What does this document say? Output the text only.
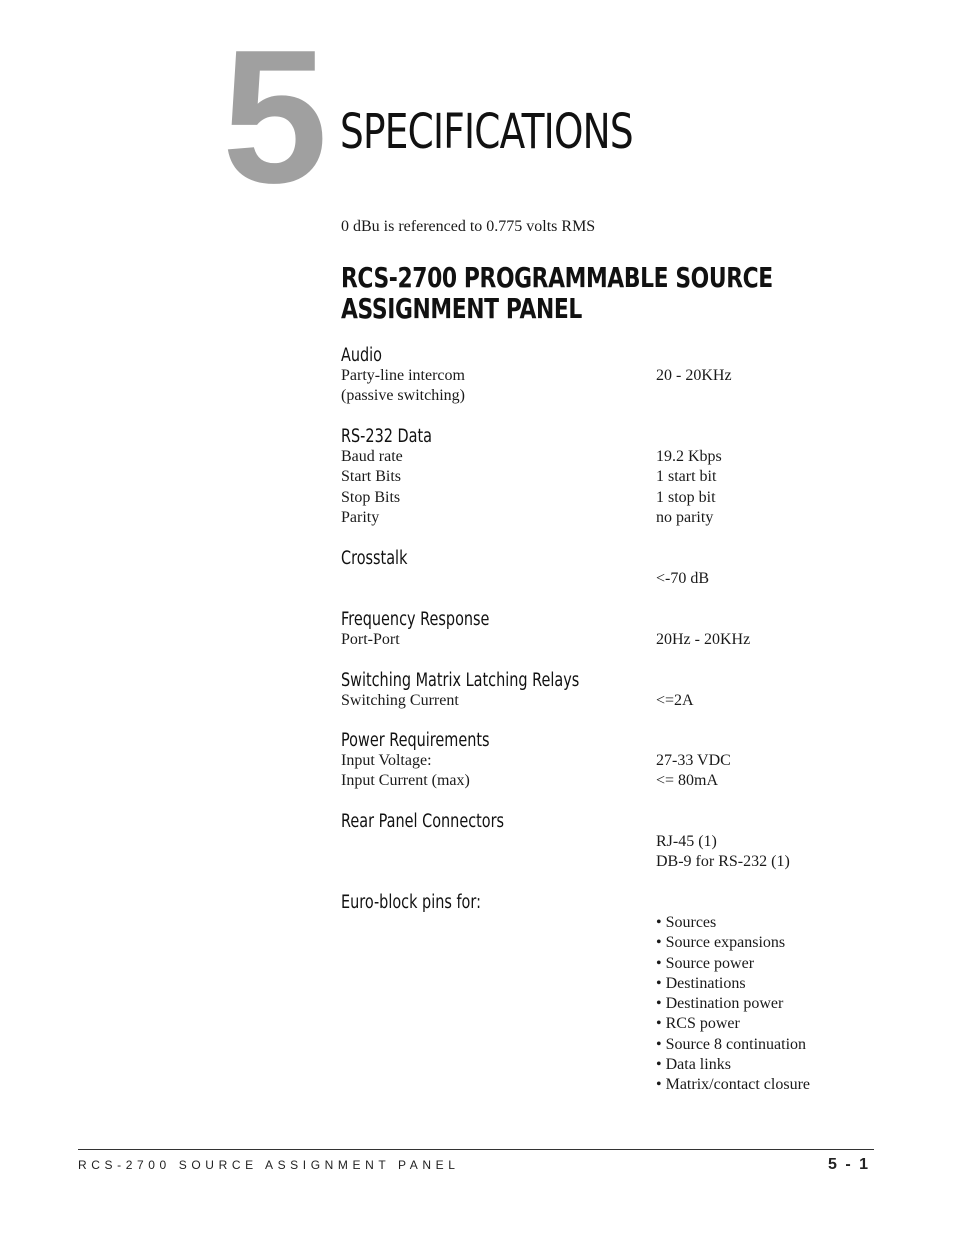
5 SPECIFICATIONS
0 dBu is referenced to 0.775 volts RMS
RCS-2700 PROGRAMMABLE SOURCE ASSIGNMENT PANEL
Audio
Party-line intercom	20 - 20KHz
(passive switching)
RS-232 Data
Baud rate	19.2 Kbps
Start Bits	1 start bit
Stop Bits	1 stop bit
Parity	no parity
Crosstalk
<-70 dB
Frequency Response
Port-Port	20Hz - 20KHz
Switching Matrix Latching Relays
Switching Current	<=2A
Power Requirements
Input Voltage:	27-33 VDC
Input Current (max)	<= 80mA
Rear Panel Connectors
RJ-45 (1)
DB-9 for RS-232 (1)
Euro-block pins for:
• Sources
• Source expansions
• Source power
• Destinations
• Destination power
• RCS power
• Source 8 continuation
• Data links
• Matrix/contact closure
RCS-2700 SOURCE ASSIGNMENT PANEL	5 - 1
